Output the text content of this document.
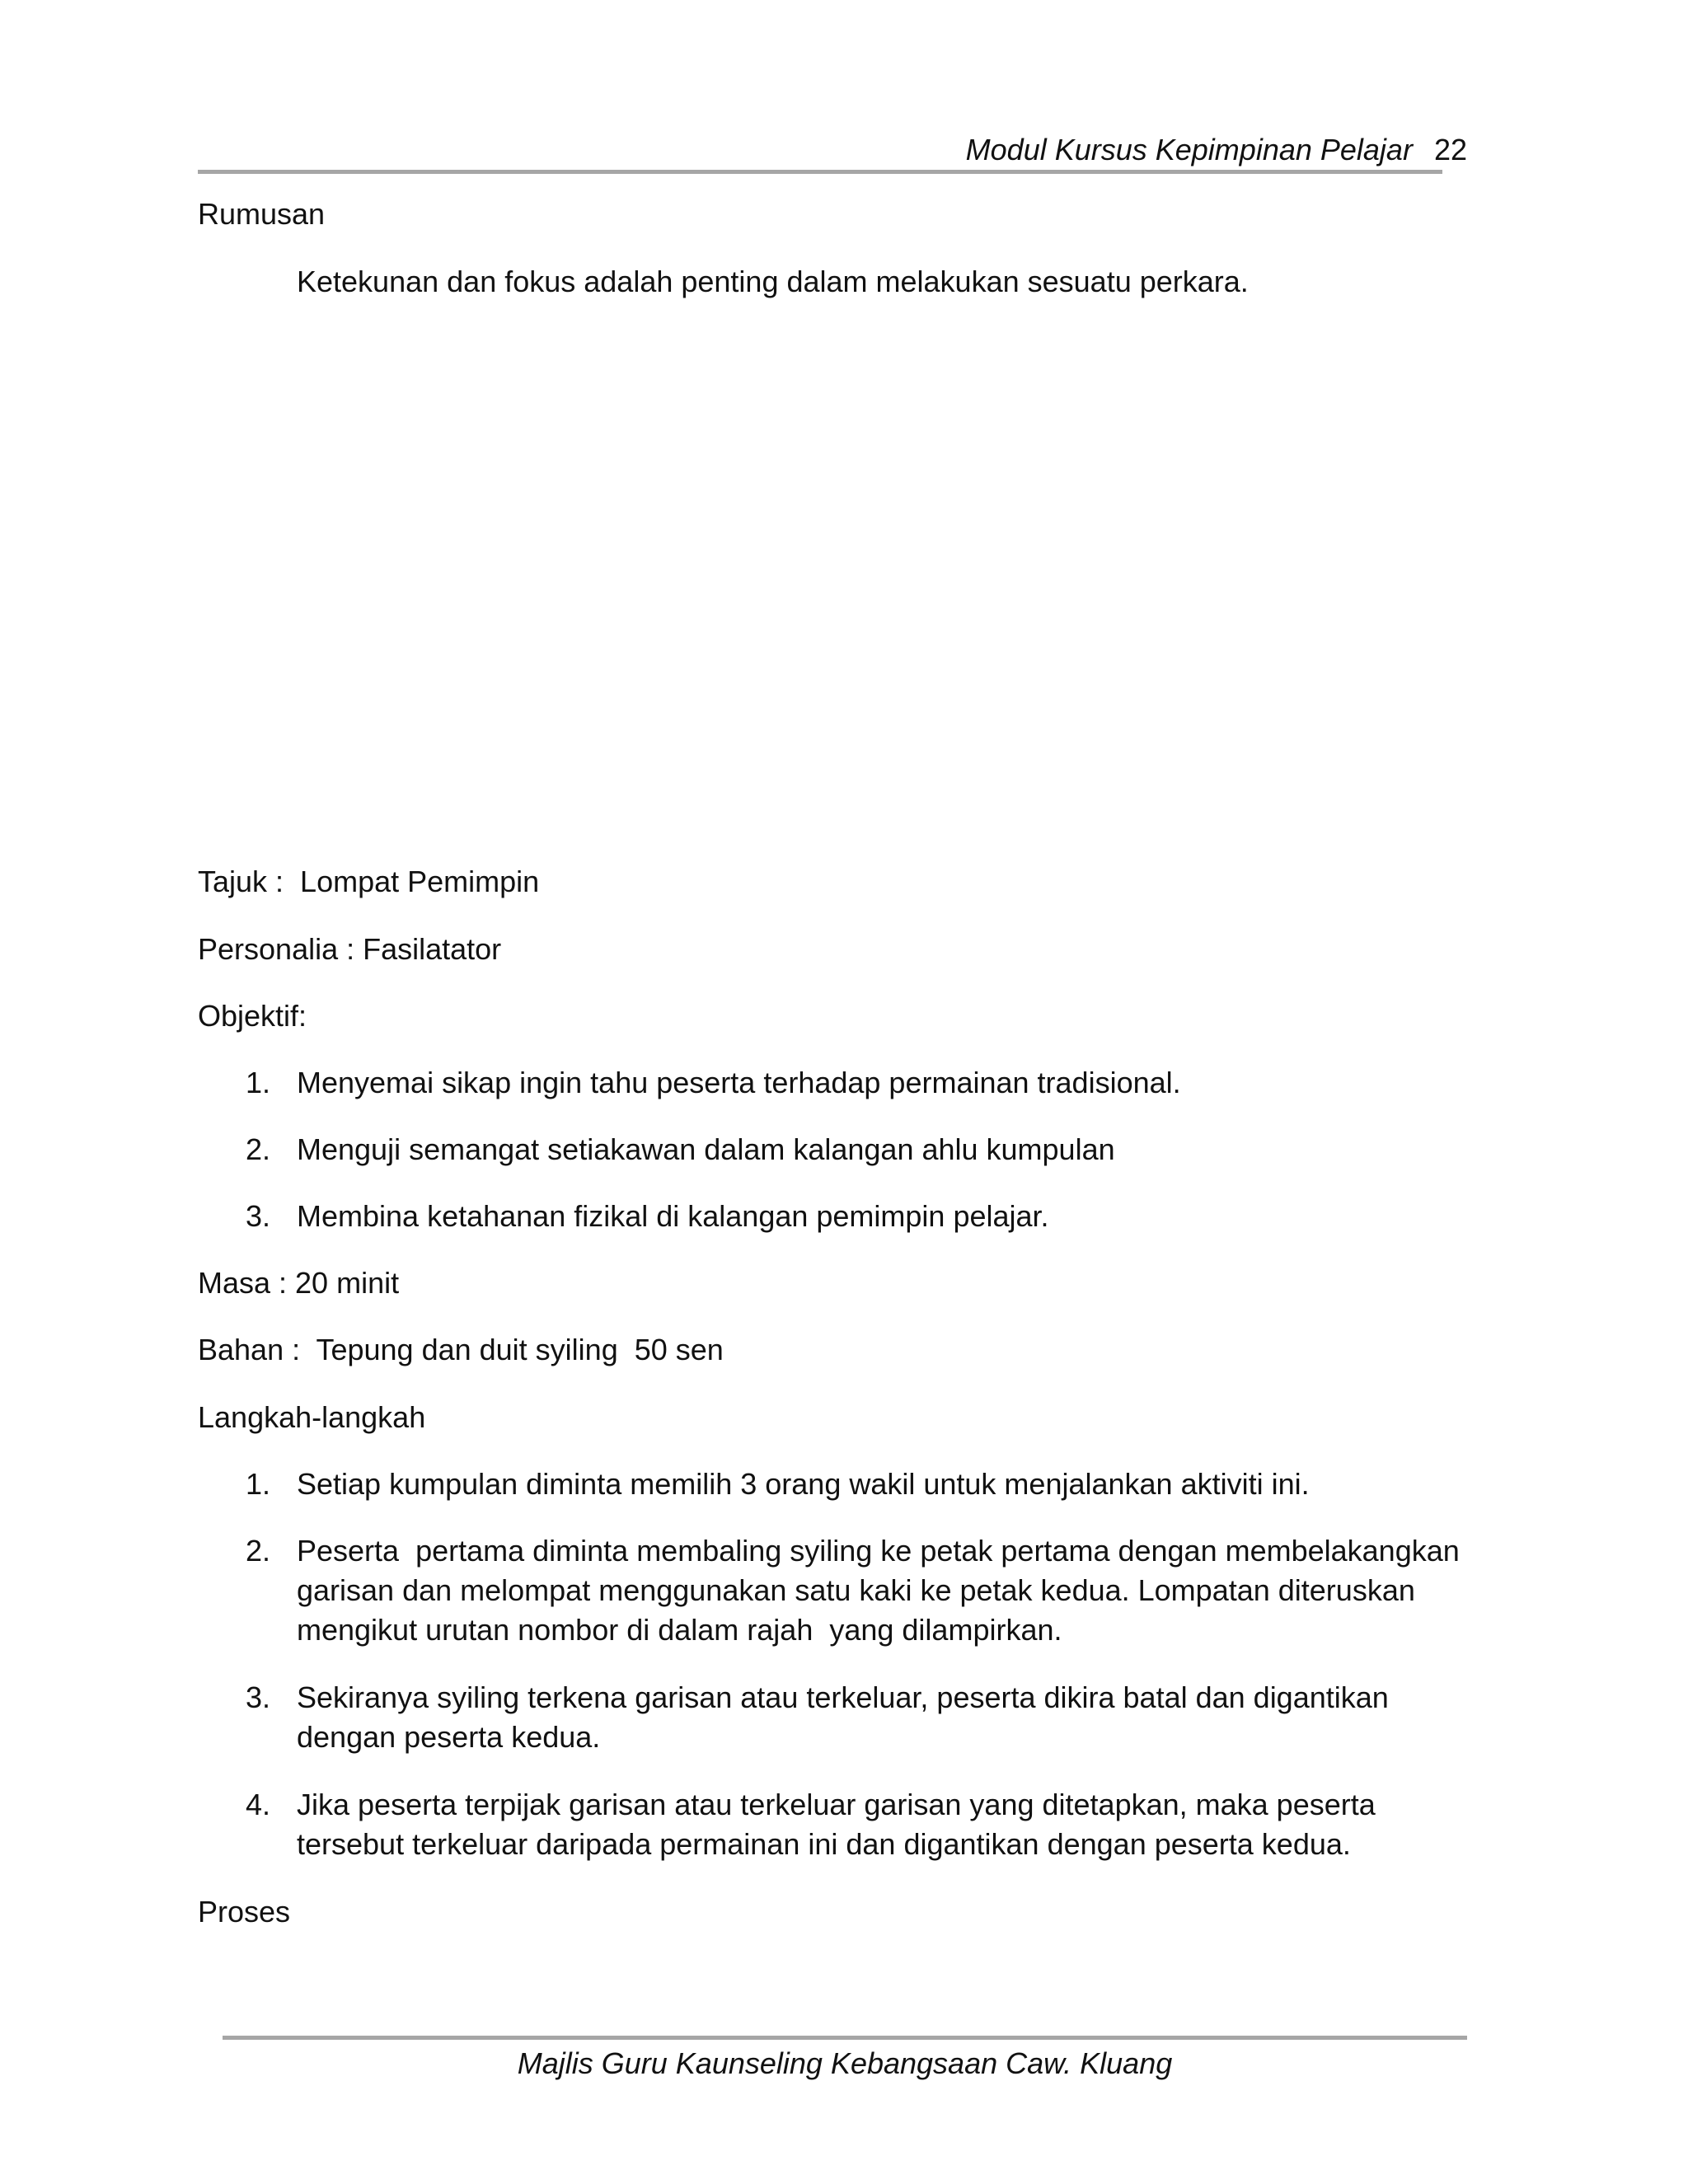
Modul Kursus Kepimpinan Pelajar 22
Rumusan
Ketekunan dan fokus adalah penting dalam melakukan sesuatu perkara.
Tajuk :  Lompat Pemimpin
Personalia : Fasilatator
Objektif:
1. Menyemai sikap ingin tahu peserta terhadap permainan tradisional.
2. Menguji semangat setiakawan dalam kalangan ahlu kumpulan
3. Membina ketahanan fizikal di kalangan pemimpin pelajar.
Masa : 20 minit
Bahan :  Tepung dan duit syiling  50 sen
Langkah-langkah
1. Setiap kumpulan diminta memilih 3 orang wakil untuk menjalankan aktiviti ini.
2. Peserta  pertama diminta membaling syiling ke petak pertama dengan membelakangkan garisan dan melompat menggunakan satu kaki ke petak kedua. Lompatan diteruskan mengikut urutan nombor di dalam rajah  yang dilampirkan.
3. Sekiranya syiling terkena garisan atau terkeluar, peserta dikira batal dan digantikan dengan peserta kedua.
4. Jika peserta terpijak garisan atau terkeluar garisan yang ditetapkan, maka peserta tersebut terkeluar daripada permainan ini dan digantikan dengan peserta kedua.
Proses
Majlis Guru Kaunseling Kebangsaan Caw. Kluang
